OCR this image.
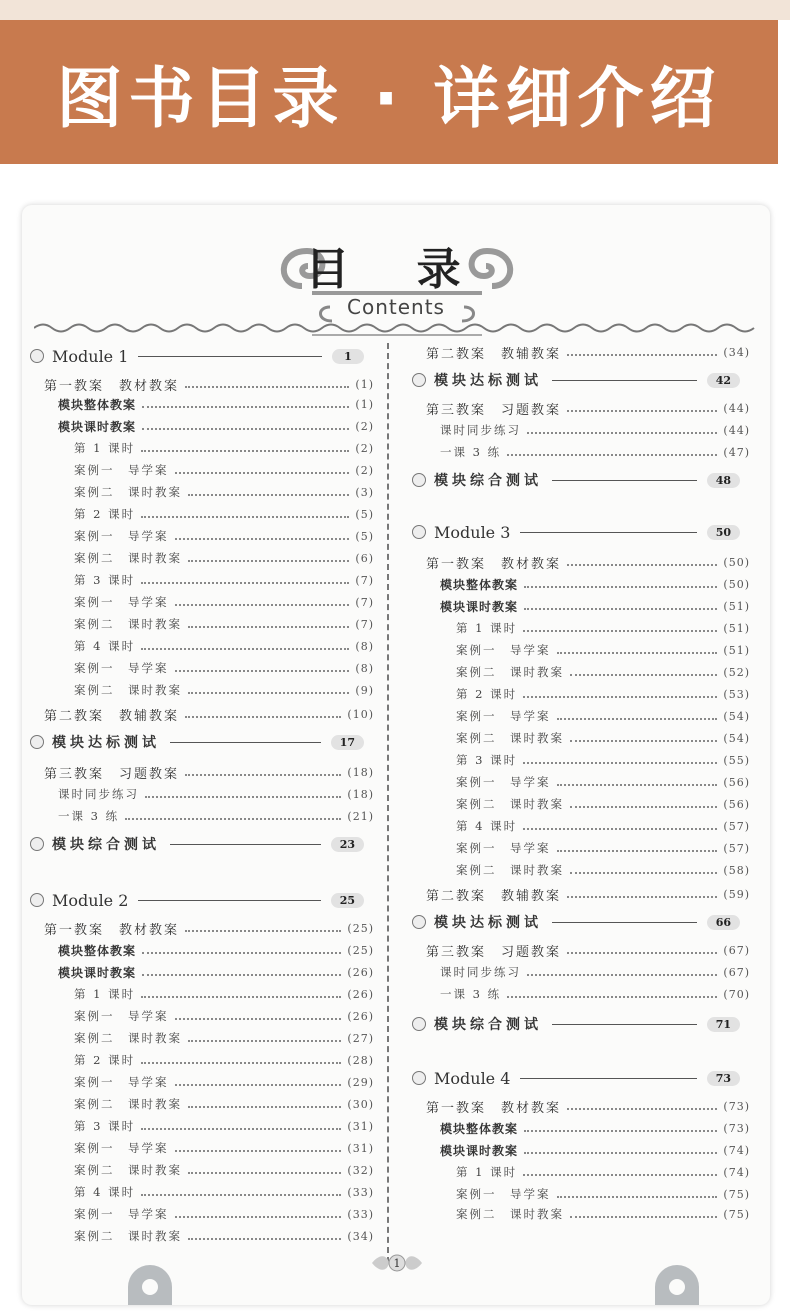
图书目录 · 详细介绍
目 录
Contents
Module 1	1
第一教案　教材教案	(1)
模块整体教案	(1)
模块课时教案	(2)
第 1 课时	(2)
案例一　导学案	(2)
案例二　课时教案	(3)
第 2 课时	(5)
案例一　导学案	(5)
案例二　课时教案	(6)
第 3 课时	(7)
案例一　导学案	(7)
案例二　课时教案	(7)
第 4 课时	(8)
案例一　导学案	(8)
案例二　课时教案	(9)
第二教案　教辅教案	(10)
模块达标测试	17
第三教案　习题教案	(18)
课时同步练习	(18)
一课 3 练	(21)
模块综合测试	23
Module 2	25
第一教案　教材教案	(25)
模块整体教案	(25)
模块课时教案	(26)
第 1 课时	(26)
案例一　导学案	(26)
案例二　课时教案	(27)
第 2 课时	(28)
案例一　导学案	(29)
案例二　课时教案	(30)
第 3 课时	(31)
案例一　导学案	(31)
案例二　课时教案	(32)
第 4 课时	(33)
案例一　导学案	(33)
案例二　课时教案	(34)
第二教案　教辅教案	(34)
模块达标测试	42
第三教案　习题教案	(44)
课时同步练习	(44)
一课 3 练	(47)
模块综合测试	48
Module 3	50
第一教案　教材教案	(50)
模块整体教案	(50)
模块课时教案	(51)
第 1 课时	(51)
案例一　导学案	(51)
案例二　课时教案	(52)
第 2 课时	(53)
案例一　导学案	(54)
案例二　课时教案	(54)
第 3 课时	(55)
案例一　导学案	(56)
案例二　课时教案	(56)
第 4 课时	(57)
案例一　导学案	(57)
案例二　课时教案	(58)
第二教案　教辅教案	(59)
模块达标测试	66
第三教案　习题教案	(67)
课时同步练习	(67)
一课 3 练	(70)
模块综合测试	71
Module 4	73
第一教案　教材教案	(73)
模块整体教案	(73)
模块课时教案	(74)
第 1 课时	(74)
案例一　导学案	(75)
案例二　课时教案	(75)
1
